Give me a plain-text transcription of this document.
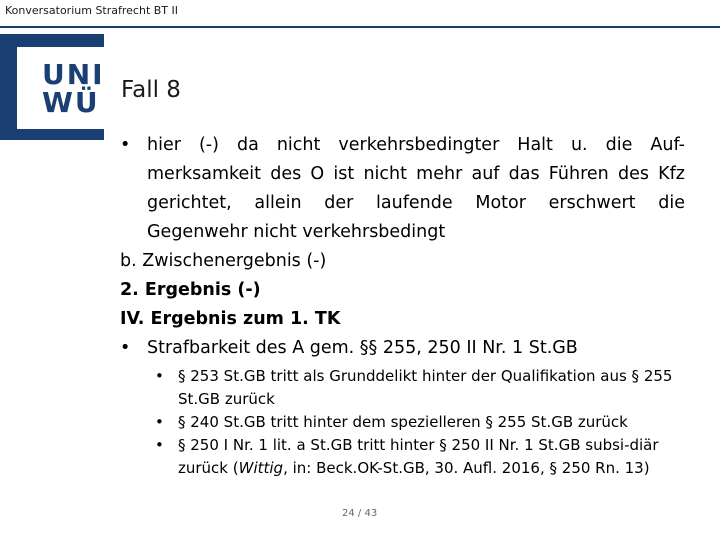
Konversatorium Strafrecht BT II
UNI
WÜ Fall 8
• hier (-) da nicht verkehrsbedingter Halt u. die Auf-merksamkeit des O ist nicht mehr auf das Führen des Kfz gerichtet, allein der laufende Motor erschwert die Gegenwehr nicht verkehrsbedingt
b. Zwischenergebnis (-)
2. Ergebnis (-)
IV. Ergebnis zum 1. TK
• Strafbarkeit des A gem. §§ 255, 250 II Nr. 1 St.GB
• § 253 St.GB tritt als Grunddelikt hinter der Qualifikation aus § 255 St.GB zurück
• § 240 St.GB tritt hinter dem spezielleren § 255 St.GB zurück
• § 250 I Nr. 1 lit. a St.GB tritt hinter § 250 II Nr. 1 St.GB subsi-diär zurück (Wittig, in: Beck.OK-St.GB, 30. Aufl. 2016, § 250 Rn. 13)
24 / 43
